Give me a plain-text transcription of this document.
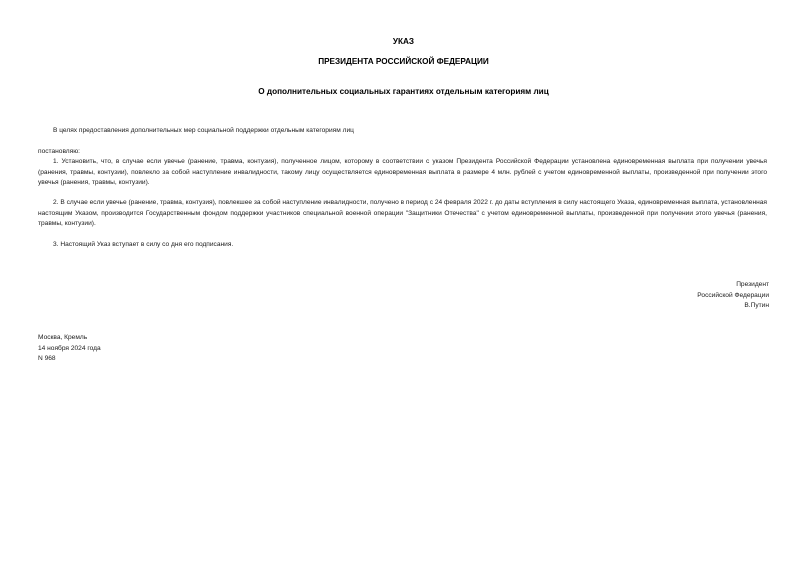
УКАЗ
ПРЕЗИДЕНТА РОССИЙСКОЙ ФЕДЕРАЦИИ
О дополнительных социальных гарантиях отдельным категориям лиц
В целях предоставления дополнительных мер социальной поддержки отдельным категориям лиц
постановляю:
1. Установить, что, в случае если увечье (ранение, травма, контузия), полученное лицом, которому в соответствии с указом Президента Российской Федерации установлена единовременная выплата при получении увечья (ранения, травмы, контузии), повлекло за собой наступление инвалидности, такому лицу осуществляется единовременная выплата в размере 4 млн. рублей с учетом единовременной выплаты, произведенной при получении этого увечья (ранения, травмы, контузии).
2. В случае если увечье (ранение, травма, контузия), повлекшее за собой наступление инвалидности, получено в период с 24 февраля 2022 г. до даты вступления в силу настоящего Указа, единовременная выплата, установленная настоящим Указом, производится Государственным фондом поддержки участников специальной военной операции "Защитники Отечества" с учетом единовременной выплаты, произведенной при получении этого увечья (ранения, травмы, контузии).
3. Настоящий Указ вступает в силу со дня его подписания.
Президент
Российской Федерации
В.Путин
Москва, Кремль
14 ноября 2024 года
N 968
